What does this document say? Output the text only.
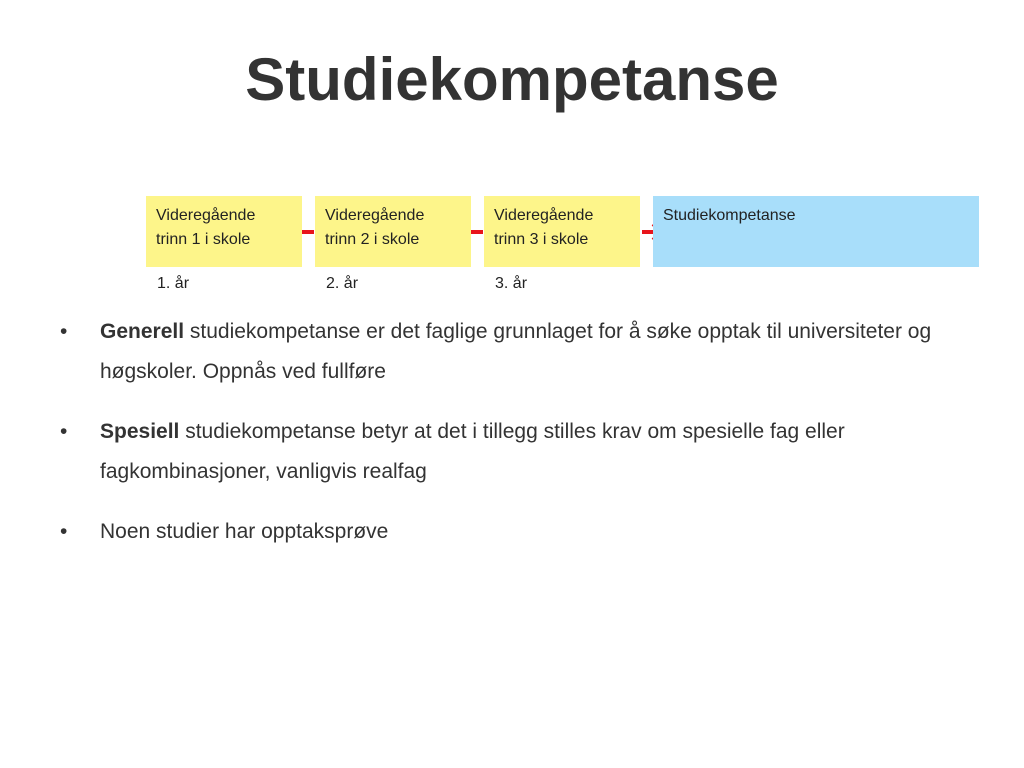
Studiekompetanse
Videregående
trinn 1 i skole
Videregående
trinn 2 i skole
Videregående
trinn 3 i skole
Studiekompetanse
1. år	2. år	3. år
•	Generell studiekompetanse er det faglige grunnlaget for å søke opptak til universiteter og høgskoler. Oppnås ved fullføre
•	Spesiell studiekompetanse betyr at det i tillegg stilles krav om spesielle fag eller fagkombinasjoner, vanligvis realfag
•	Noen studier har opptaksprøve
